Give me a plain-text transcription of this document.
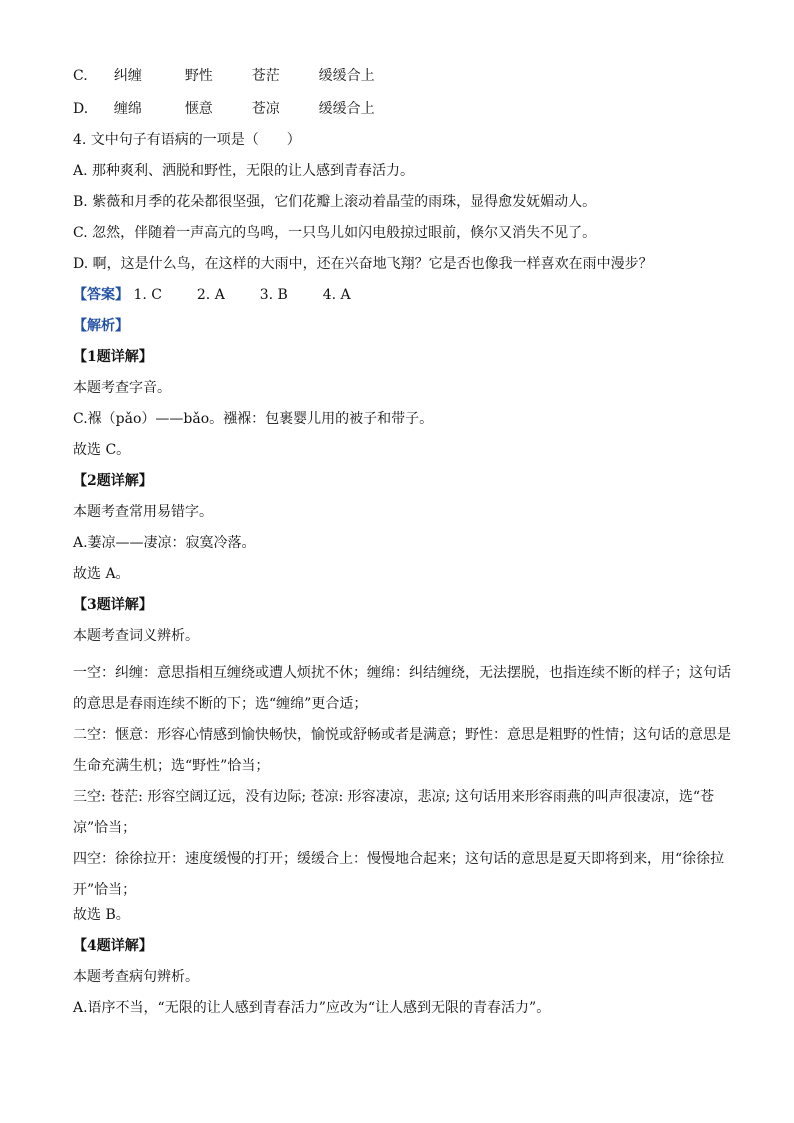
C. 纠缠	野性	苍茫	缓缓合上
D. 缠绵	惬意	苍凉	缓缓合上
4. 文中句子有语病的一项是（　　）
A. 那种爽利、洒脱和野性，无限的让人感到青春活力。
B. 紫薇和月季的花朵都很坚强，它们花瓣上滚动着晶莹的雨珠，显得愈发妩媚动人。
C. 忽然，伴随着一声高亢的鸟鸣，一只鸟儿如闪电般掠过眼前，倏尔又消失不见了。
D. 啊，这是什么鸟，在这样的大雨中，还在兴奋地飞翔？它是否也像我一样喜欢在雨中漫步？
【答案】 1. C 2. A 3. B 4. A
【解析】
【1题详解】
本题考查字音。
C.褓（pǎo）——bǎo。襁褓：包裹婴儿用的被子和带子。
故选 C。
【2题详解】
本题考查常用易错字。
A.萋凉——凄凉：寂寞冷落。
故选 A。
【3题详解】
本题考查词义辨析。
一空：纠缠：意思指相互缠绕或遭人烦扰不休；缠绵：纠结缠绕，无法摆脱，也指连续不断的样子；这句话的意思是春雨连续不断的下；选“缠绵”更合适；
二空：惬意：形容心情感到愉快畅快，愉悦或舒畅或者是满意；野性：意思是粗野的性情；这句话的意思是生命充满生机；选“野性”恰当；
三空: 苍茫: 形容空阔辽远，没有边际; 苍凉: 形容凄凉，悲凉; 这句话用来形容雨燕的叫声很凄凉，选“苍凉”恰当；
四空：徐徐拉开：速度缓慢的打开；缓缓合上：慢慢地合起来；这句话的意思是夏天即将到来，用“徐徐拉开”恰当；
故选 B。
【4题详解】
本题考查病句辨析。
A.语序不当，“无限的让人感到青春活力”应改为“让人感到无限的青春活力”。
